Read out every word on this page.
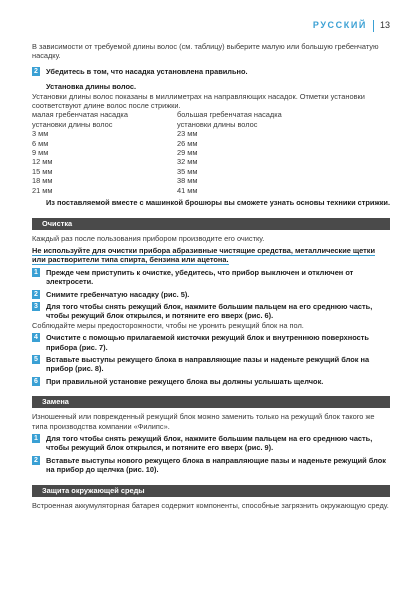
РУССКИЙ 13

В зависимости от требуемой длины волос (см. таблицу) выберите малую или большую гребенчатую насадку.

2 Убедитесь в том, что насадка установлена правильно.

Установка длины волос.

Установки длины волос показаны в миллиметрах на направляющих насадок. Отметки установки соответствуют длине волос после стрижки.

малая гребенчатая насадка

установки длины волос

3 мм

6 мм

9 мм

12 мм

15 мм

18 мм

21 мм

большая гребенчатая насадка

установки длины волос

23 мм

26 мм

29 мм

32 мм

35 мм

38 мм

41 мм

Из поставляемой вместе с машинкой брошюры вы сможете узнать основы техники стрижки.

Очистка

Каждый раз после пользования прибором производите его очистку.

Не используйте для очистки прибора абразивные чистящие средства, металлические щетки или растворители типа спирта, бензина или ацетона.

1 Прежде чем приступить к очистке, убедитесь, что прибор выключен и отключен от электросети.
2 Снимите гребенчатую насадку (рис. 5).
3 Для того чтобы снять режущий блок, нажмите большим пальцем на его среднюю часть, чтобы режущий блок открылся, и потяните его вверх (рис. 6).

Соблюдайте меры предосторожности, чтобы не уронить режущий блок на пол.

4 Очистите с помощью прилагаемой кисточки режущий блок и внутреннюю поверхность прибора (рис. 7).
5 Вставьте выступы режущего блока в направляющие пазы и наденьте режущий блок на прибор (рис. 8).
6 При правильной установке режущего блока вы должны услышать щелчок.
Замена

Изношенный или поврежденный режущий блок можно заменить только на режущий блок такого же типа производства компании «Филипс».

1 Для того чтобы снять режущий блок, нажмите большим пальцем на его среднюю часть, чтобы режущий блок открылся, и потяните его вверх (рис. 9).
2 Вставьте выступы нового режущего блока в направляющие пазы и наденьте режущий блок на прибор до щелчка (рис. 10).
Защита окружающей среды

Встроенная аккумуляторная батарея содержит компоненты, способные загрязнить окружающую среду.
